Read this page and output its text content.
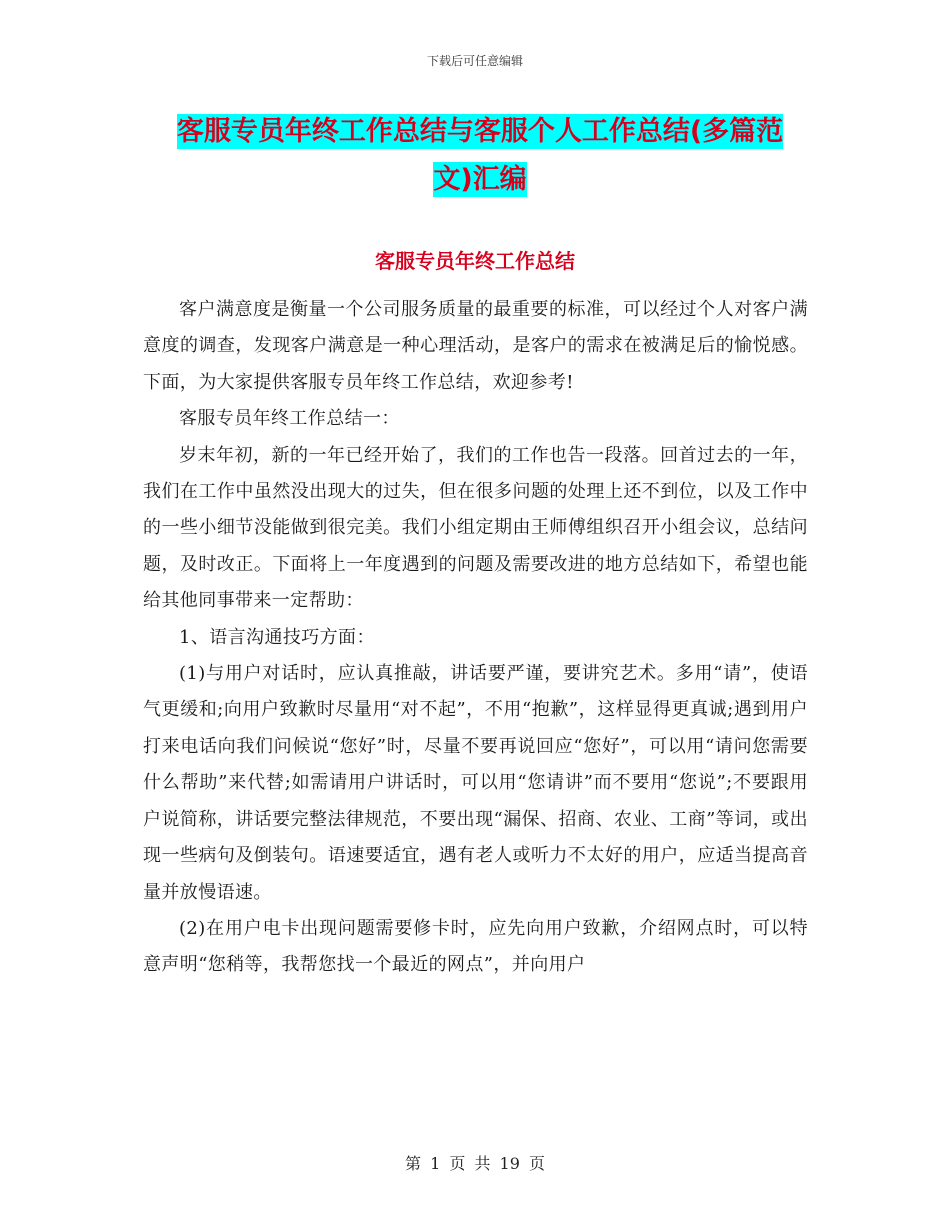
下载后可任意编辑
客服专员年终工作总结与客服个人工作总结(多篇范
文)汇编
客服专员年终工作总结

客户满意度是衡量一个公司服务质量的最重要的标准，可以经过个人对客户满意度的调查，发现客户满意是一种心理活动，是客户的需求在被满足后的愉悦感。下面，为大家提供客服专员年终工作总结，欢迎参考!

客服专员年终工作总结一：

岁末年初，新的一年已经开始了，我们的工作也告一段落。回首过去的一年，我们在工作中虽然没出现大的过失，但在很多问题的处理上还不到位，以及工作中的一些小细节没能做到很完美。我们小组定期由王师傅组织召开小组会议，总结问题，及时改正。下面将上一年度遇到的问题及需要改进的地方总结如下，希望也能给其他同事带来一定帮助：

1、语言沟通技巧方面：

(1)与用户对话时，应认真推敲，讲话要严谨，要讲究艺术。多用“请”，使语气更缓和;向用户致歉时尽量用“对不起”，不用“抱歉”，这样显得更真诚;遇到用户打来电话向我们问候说“您好”时，尽量不要再说回应“您好”，可以用“请问您需要什么帮助”来代替;如需请用户讲话时，可以用“您请讲”而不要用“您说”;不要跟用户说简称，讲话要完整法律规范，不要出现“漏保、招商、农业、工商”等词，或出现一些病句及倒装句。语速要适宜，遇有老人或听力不太好的用户，应适当提高音量并放慢语速。

(2)在用户电卡出现问题需要修卡时，应先向用户致歉，介绍网点时，可以特意声明“您稍等，我帮您找一个最近的网点”，并向用户

第 1 页 共 19 页
